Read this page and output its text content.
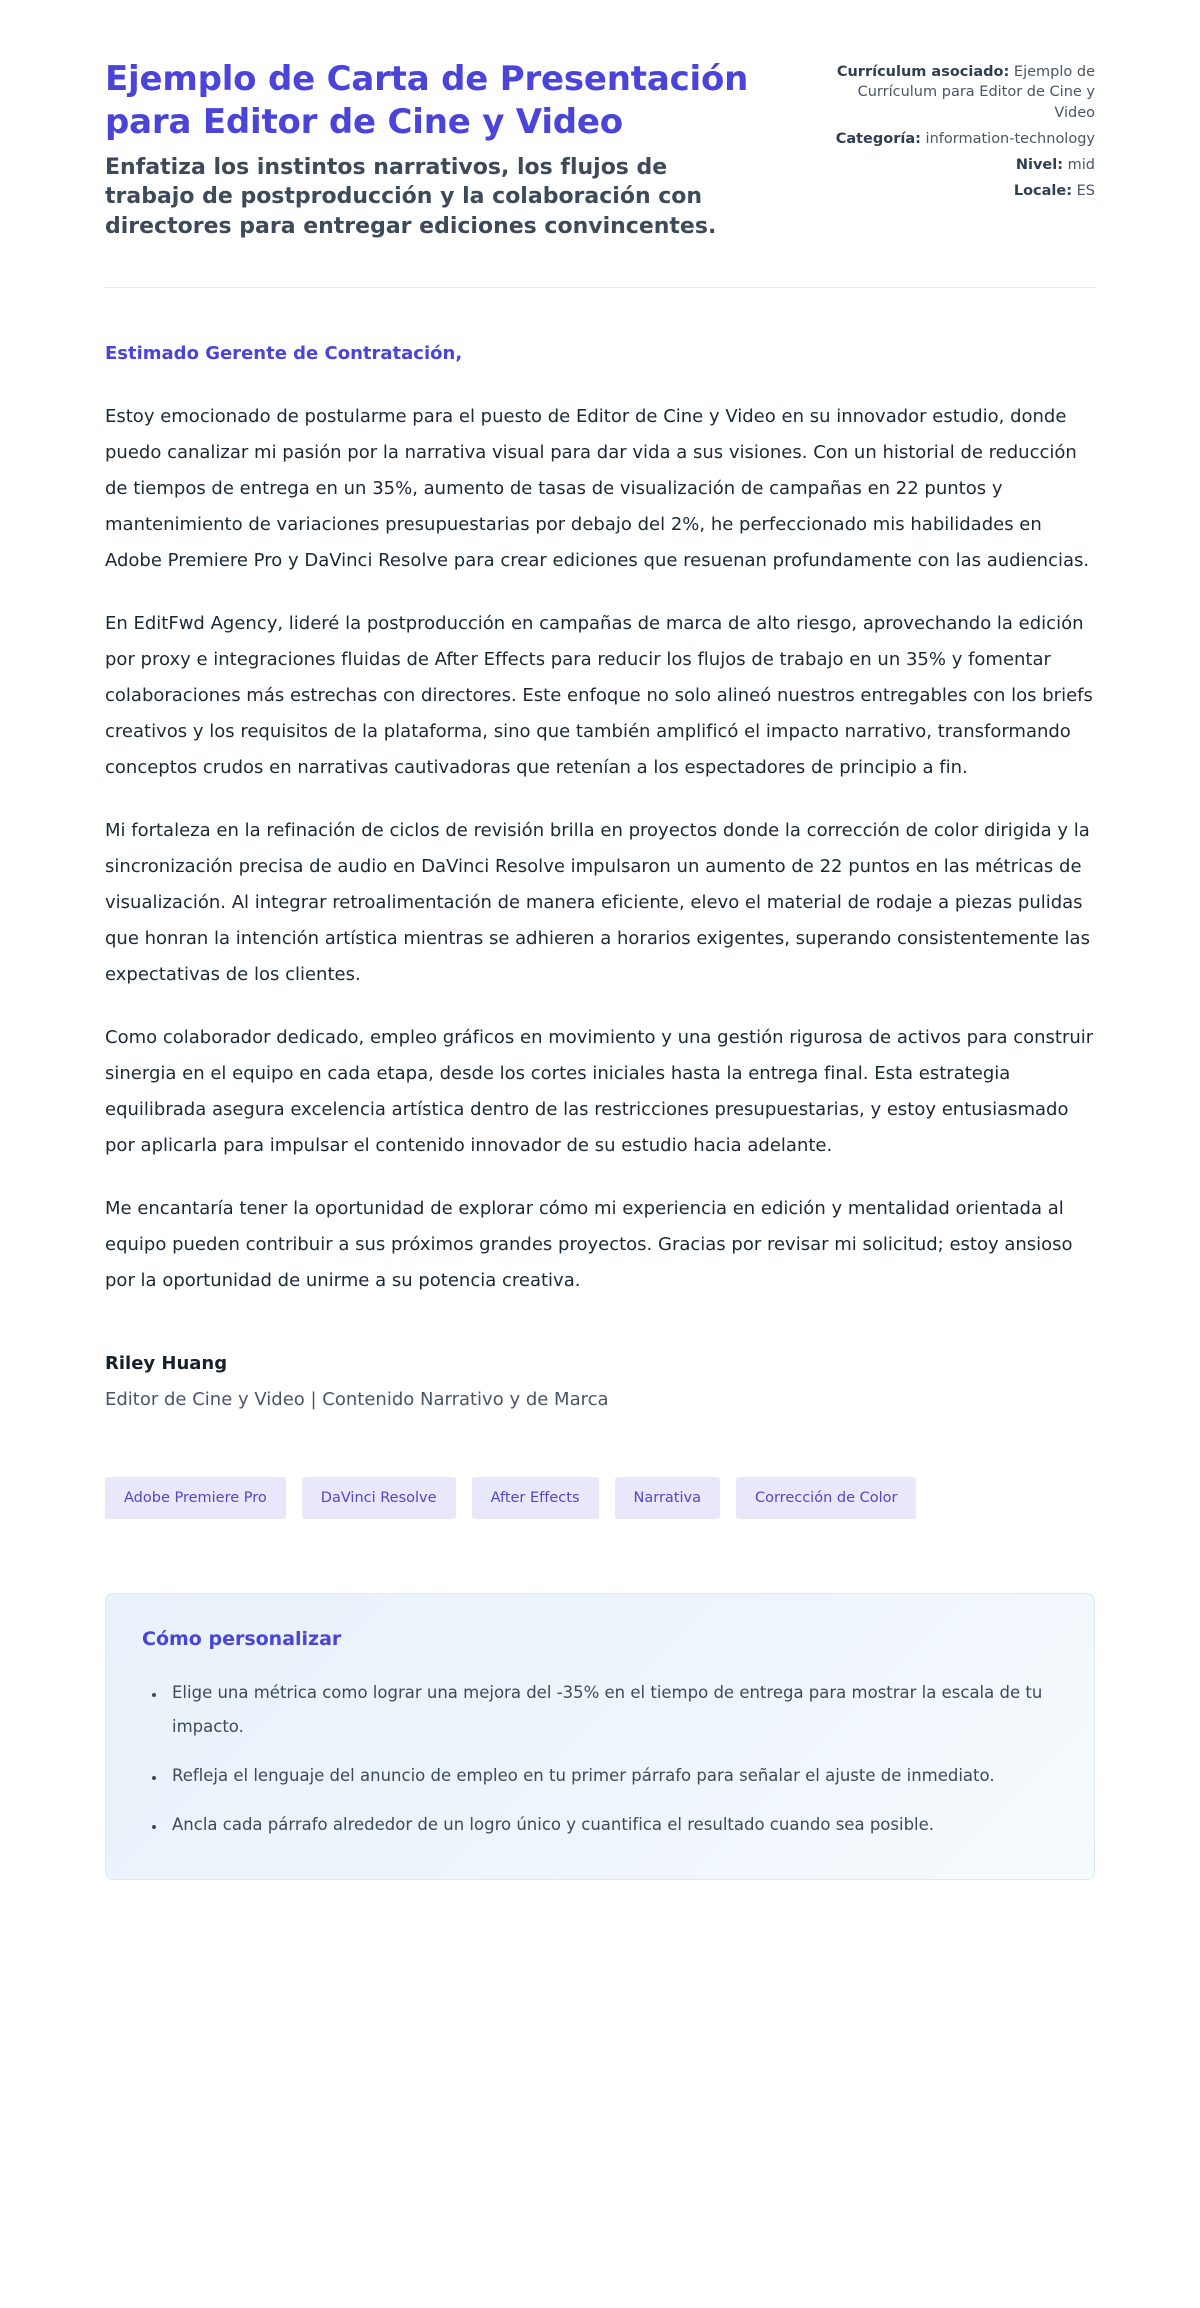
Ejemplo de Carta de Presentación para Editor de Cine y Video
Enfatiza los instintos narrativos, los flujos de trabajo de postproducción y la colaboración con directores para entregar ediciones convincentes.
Currículum asociado: Ejemplo de Currículum para Editor de Cine y Video
Categoría: information-technology
Nivel: mid
Locale: ES

Estimado Gerente de Contratación,

Estoy emocionado de postularme para el puesto de Editor de Cine y Video en su innovador estudio, donde puedo canalizar mi pasión por la narrativa visual para dar vida a sus visiones. Con un historial de reducción de tiempos de entrega en un 35%, aumento de tasas de visualización de campañas en 22 puntos y mantenimiento de variaciones presupuestarias por debajo del 2%, he perfeccionado mis habilidades en Adobe Premiere Pro y DaVinci Resolve para crear ediciones que resuenan profundamente con las audiencias.

En EditFwd Agency, lideré la postproducción en campañas de marca de alto riesgo, aprovechando la edición por proxy e integraciones fluidas de After Effects para reducir los flujos de trabajo en un 35% y fomentar colaboraciones más estrechas con directores. Este enfoque no solo alineó nuestros entregables con los briefs creativos y los requisitos de la plataforma, sino que también amplificó el impacto narrativo, transformando conceptos crudos en narrativas cautivadoras que retenían a los espectadores de principio a fin.

Mi fortaleza en la refinación de ciclos de revisión brilla en proyectos donde la corrección de color dirigida y la sincronización precisa de audio en DaVinci Resolve impulsaron un aumento de 22 puntos en las métricas de visualización. Al integrar retroalimentación de manera eficiente, elevo el material de rodaje a piezas pulidas que honran la intención artística mientras se adhieren a horarios exigentes, superando consistentemente las expectativas de los clientes.

Como colaborador dedicado, empleo gráficos en movimiento y una gestión rigurosa de activos para construir sinergia en el equipo en cada etapa, desde los cortes iniciales hasta la entrega final. Esta estrategia equilibrada asegura excelencia artística dentro de las restricciones presupuestarias, y estoy entusiasmado por aplicarla para impulsar el contenido innovador de su estudio hacia adelante.

Me encantaría tener la oportunidad de explorar cómo mi experiencia en edición y mentalidad orientada al equipo pueden contribuir a sus próximos grandes proyectos. Gracias por revisar mi solicitud; estoy ansioso por la oportunidad de unirme a su potencia creativa.

Riley Huang

Editor de Cine y Video | Contenido Narrativo y de Marca

Adobe Premiere Pro	DaVinci Resolve	After Effects	Narrativa	Corrección de Color
Cómo personalizar
• Elige una métrica como lograr una mejora del -35% en el tiempo de entrega para mostrar la escala de tu impacto.
• Refleja el lenguaje del anuncio de empleo en tu primer párrafo para señalar el ajuste de inmediato.
• Ancla cada párrafo alrededor de un logro único y cuantifica el resultado cuando sea posible.
